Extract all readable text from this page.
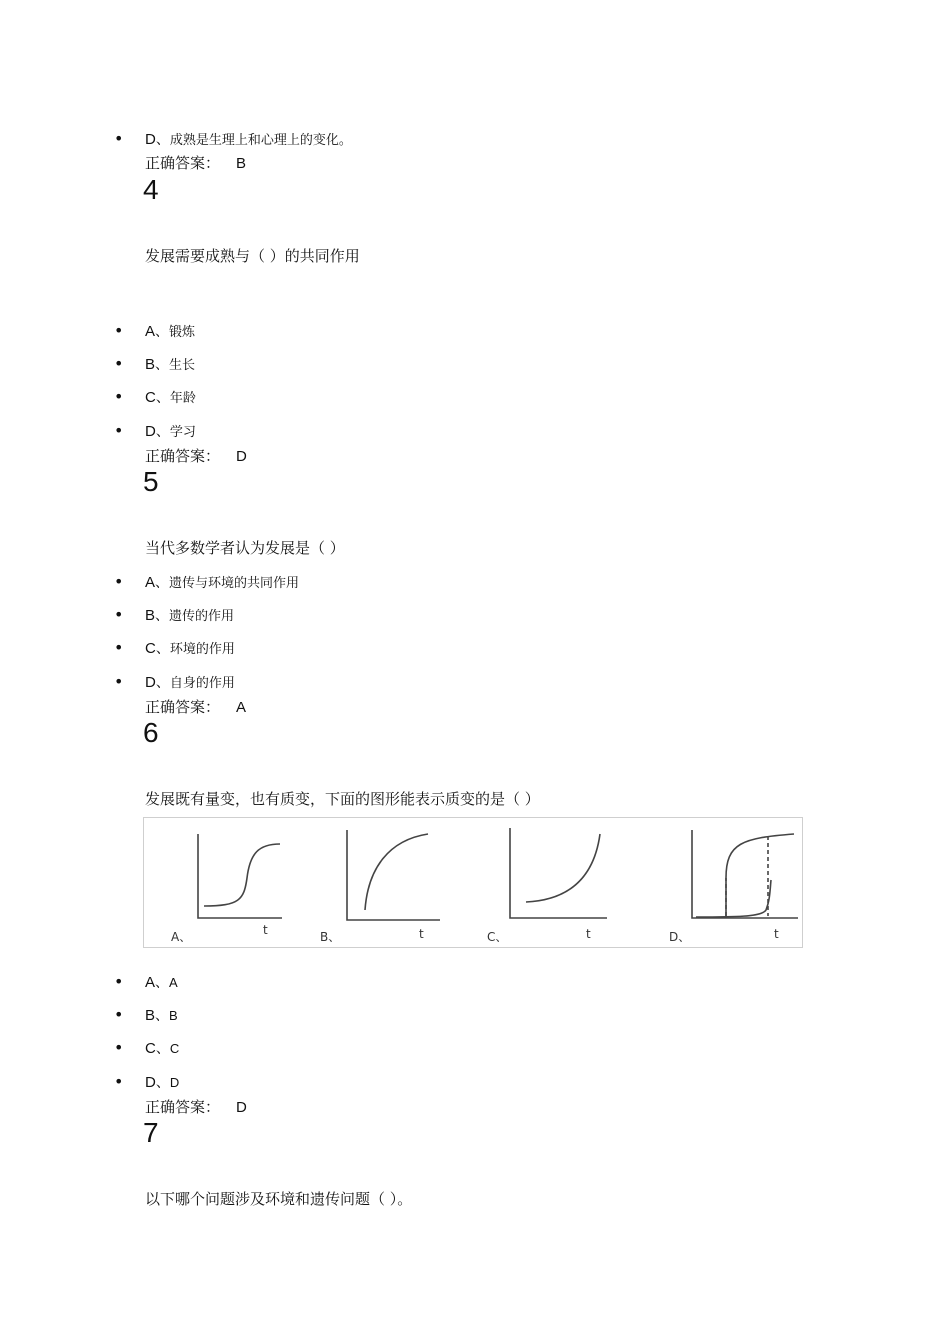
• D、成熟是生理上和心理上的变化。
正确答案： B
4
发展需要成熟与（ ）的共同作用
• A、锻炼
• B、生长
• C、年龄
• D、学习
正确答案： D
5
当代多数学者认为发展是（ ）
• A、遗传与环境的共同作用
• B、遗传的作用
• C、环境的作用
• D、自身的作用
正确答案： A
6
发展既有量变，也有质变，下面的图形能表示质变的是（ ）
A、	t	B、	t	C、	t	D、	t
• A、A
• B、B
• C、C
• D、D
正确答案： D
7
以下哪个问题涉及环境和遗传问题（ ）。
